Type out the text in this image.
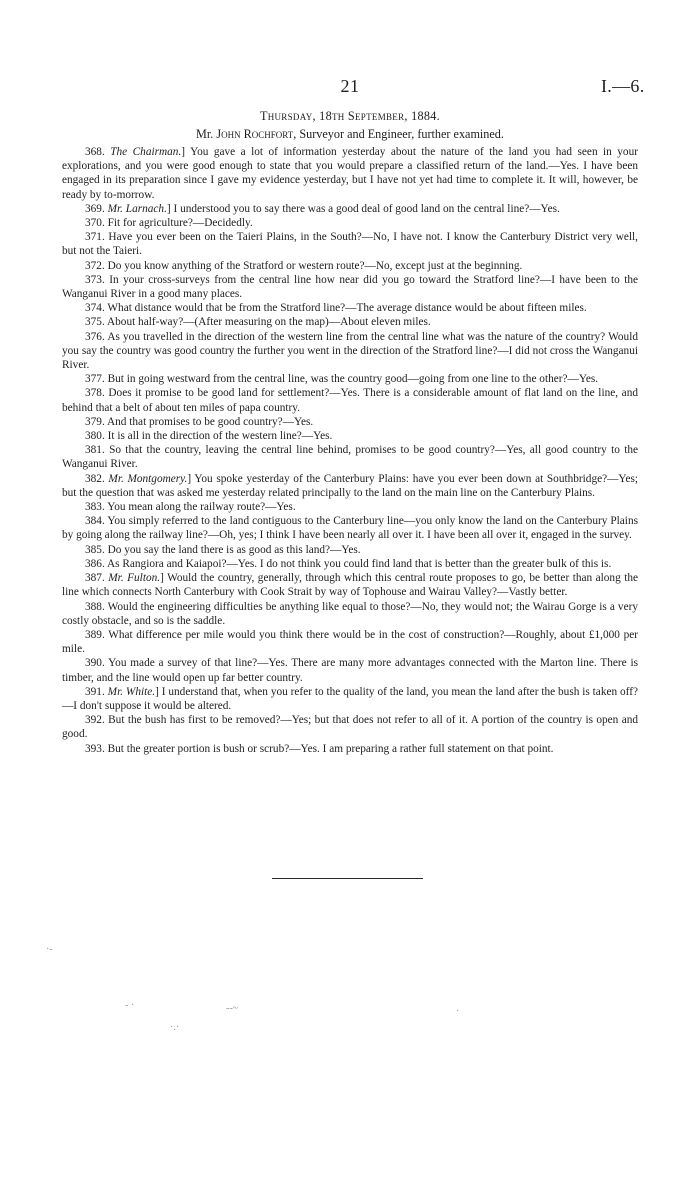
21	I.—6.
Thursday, 18th September, 1884.
Mr. John Rochfort, Surveyor and Engineer, further examined.

368. The Chairman.] You gave a lot of information yesterday about the nature of the land you had seen in your explorations, and you were good enough to state that you would prepare a classified return of the land.—Yes. I have been engaged in its preparation since I gave my evidence yesterday, but I have not yet had time to complete it. It will, however, be ready by to-morrow.

369. Mr. Larnach.] I understood you to say there was a good deal of good land on the central line?—Yes.

370. Fit for agriculture?—Decidedly.

371. Have you ever been on the Taieri Plains, in the South?—No, I have not. I know the Canterbury District very well, but not the Taieri.

372. Do you know anything of the Stratford or western route?—No, except just at the beginning.

373. In your cross-surveys from the central line how near did you go toward the Stratford line?—I have been to the Wanganui River in a good many places.

374. What distance would that be from the Stratford line?—The average distance would be about fifteen miles.

375. About half-way?—(After measuring on the map)—About eleven miles.

376. As you travelled in the direction of the western line from the central line what was the nature of the country? Would you say the country was good country the further you went in the direction of the Stratford line?—I did not cross the Wanganui River.

377. But in going westward from the central line, was the country good—going from one line to the other?—Yes.

378. Does it promise to be good land for settlement?—Yes. There is a considerable amount of flat land on the line, and behind that a belt of about ten miles of papa country.

379. And that promises to be good country?—Yes.

380. It is all in the direction of the western line?—Yes.

381. So that the country, leaving the central line behind, promises to be good country?—Yes, all good country to the Wanganui River.

382. Mr. Montgomery.] You spoke yesterday of the Canterbury Plains: have you ever been down at Southbridge?—Yes; but the question that was asked me yesterday related principally to the land on the main line on the Canterbury Plains.

383. You mean along the railway route?—Yes.

384. You simply referred to the land contiguous to the Canterbury line—you only know the land on the Canterbury Plains by going along the railway line?—Oh, yes; I think I have been nearly all over it. I have been all over it, engaged in the survey.

385. Do you say the land there is as good as this land?—Yes.

386. As Rangiora and Kaiapoi?—Yes. I do not think you could find land that is better than the greater bulk of this is.

387. Mr. Fulton.] Would the country, generally, through which this central route proposes to go, be better than along the line which connects North Canterbury with Cook Strait by way of Tophouse and Wairau Valley?—Vastly better.

388. Would the engineering difficulties be anything like equal to those?—No, they would not; the Wairau Gorge is a very costly obstacle, and so is the saddle.

389. What difference per mile would you think there would be in the cost of construction?—Roughly, about £1,000 per mile.

390. You made a survey of that line?—Yes. There are many more advantages connected with the Marton line. There is timber, and the line would open up far better country.

391. Mr. White.] I understand that, when you refer to the quality of the land, you mean the land after the bush is taken off?—I don't suppose it would be altered.

392. But the bush has first to be removed?—Yes; but that does not refer to all of it. A portion of the country is open and good.

393. But the greater portion is bush or scrub?—Yes. I am preparing a rather full statement on that point.

·‑
‑ ·	‑‑~	·
·.·
